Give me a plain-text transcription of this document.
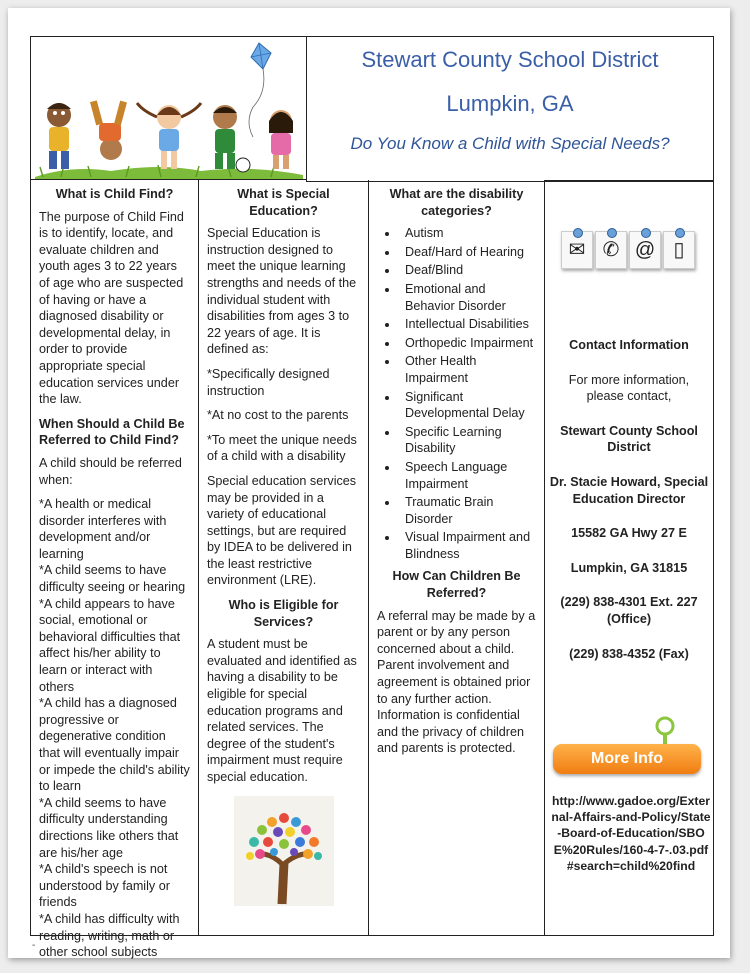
Stewart County School District
Lumpkin, GA
Do You Know a Child with Special Needs?
What is Child Find?

The purpose of Child Find is to identify, locate, and evaluate children and youth ages 3 to 22 years of age who are suspected of having or have a diagnosed disability or developmental delay, in order to provide appropriate special education services under the law.

When Should a Child Be Referred to Child Find?

A child should be referred when:

*A health or medical disorder interferes with development and/or learning
*A child seems to have difficulty seeing or hearing
*A child appears to have social, emotional or behavioral difficulties that affect his/her ability to learn or interact with others
*A child has a diagnosed progressive or degenerative condition that will eventually impair or impede the child's ability to learn
*A child seems to have difficulty understanding directions like others that are his/her age
*A child's speech is not understood by family or friends
*A child has difficulty with reading, writing, math or other school subjects
What is Special Education?

Special Education is instruction designed to meet the unique learning strengths and needs of the individual student with disabilities from ages 3 to 22 years of age. It is defined as:

*Specifically designed instruction

*At no cost to the parents

*To meet the unique needs of a child with a disability

Special education services may be provided in a variety of educational settings, but are required by IDEA to be delivered in the least restrictive environment (LRE).

Who is Eligible for Services?

A student must be evaluated and identified as having a disability to be eligible for special education programs and related services. The degree of the student's impairment must require special education.

What are the disability categories?
• Autism
• Deaf/Hard of Hearing
• Deaf/Blind
• Emotional and Behavior Disorder
• Intellectual Disabilities
• Orthopedic Impairment
• Other Health Impairment
• Significant Developmental Delay
• Specific Learning Disability
• Speech Language Impairment
• Traumatic Brain Disorder
• Visual Impairment and Blindness
How Can Children Be Referred?

A referral may be made by a parent or by any person concerned about a child. Parent involvement and agreement is obtained prior to any further action. Information is confidential and the privacy of children and parents is protected.

✉ ✆ @ ▯

Contact Information

For more information, please contact,

Stewart County School District

Dr. Stacie Howard, Special Education Director

15582 GA Hwy 27 E

Lumpkin, GA 31815

(229) 838-4301 Ext. 227 (Office)

(229) 838-4352 (Fax)

More Info
http://www.gadoe.org/External-Affairs-and-Policy/State-Board-of-Education/SBOE%20Rules/160-4-7-.03.pdf#search=child%20find
-
